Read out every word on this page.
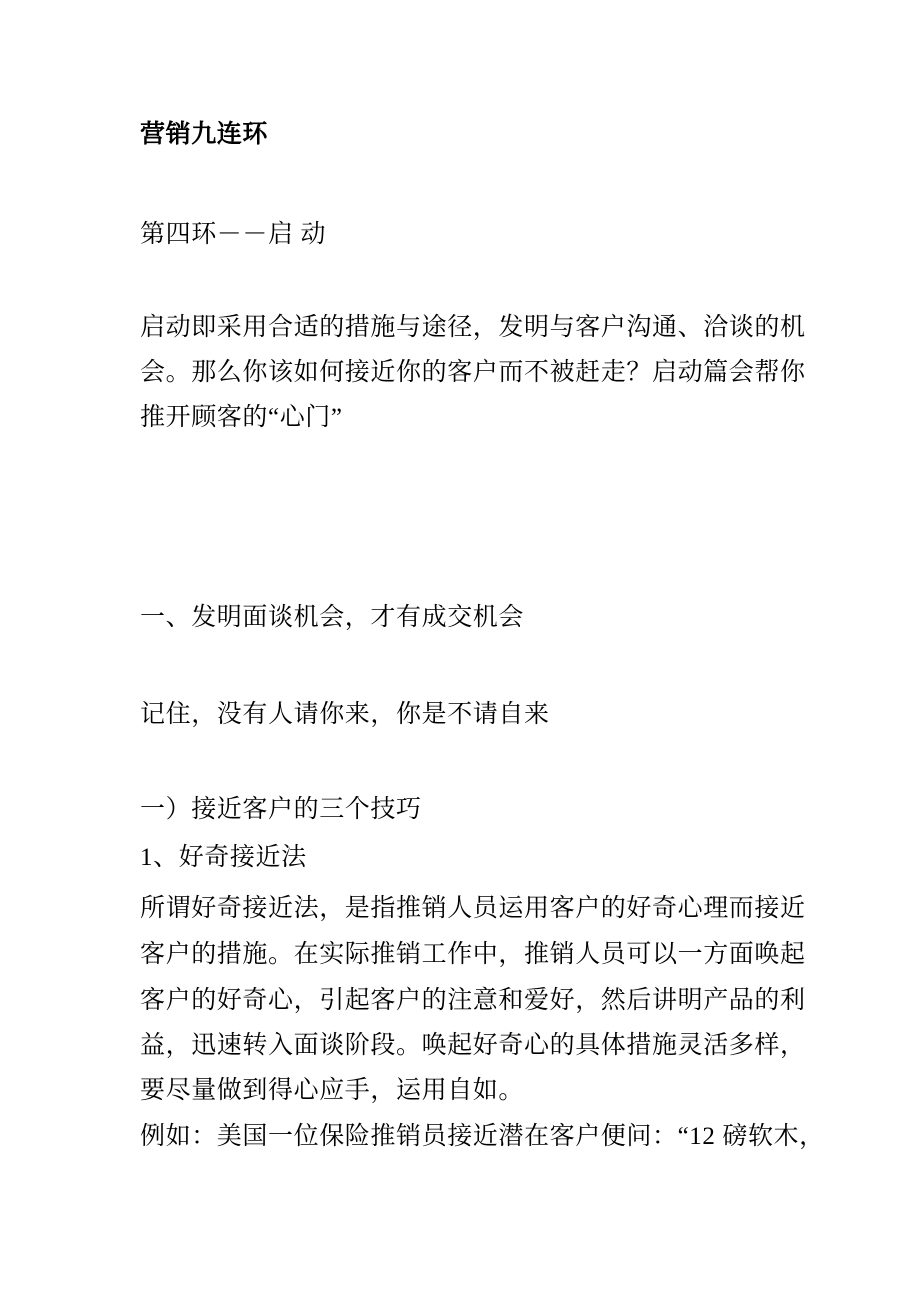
营销九连环
第四环－－启 动
启动即采用合适的措施与途径，发明与客户沟通、洽谈的机
会。那么你该如何接近你的客户而不被赶走？启动篇会帮你
推开顾客的“心门”
一、发明面谈机会，才有成交机会
记住，没有人请你来，你是不请自来
一）接近客户的三个技巧
1、好奇接近法
所谓好奇接近法，是指推销人员运用客户的好奇心理而接近
客户的措施。在实际推销工作中，推销人员可以一方面唤起
客户的好奇心，引起客户的注意和爱好，然后讲明产品的利
益，迅速转入面谈阶段。唤起好奇心的具体措施灵活多样，
要尽量做到得心应手，运用自如。
例如：美国一位保险推销员接近潜在客户便问：“12 磅软木，
